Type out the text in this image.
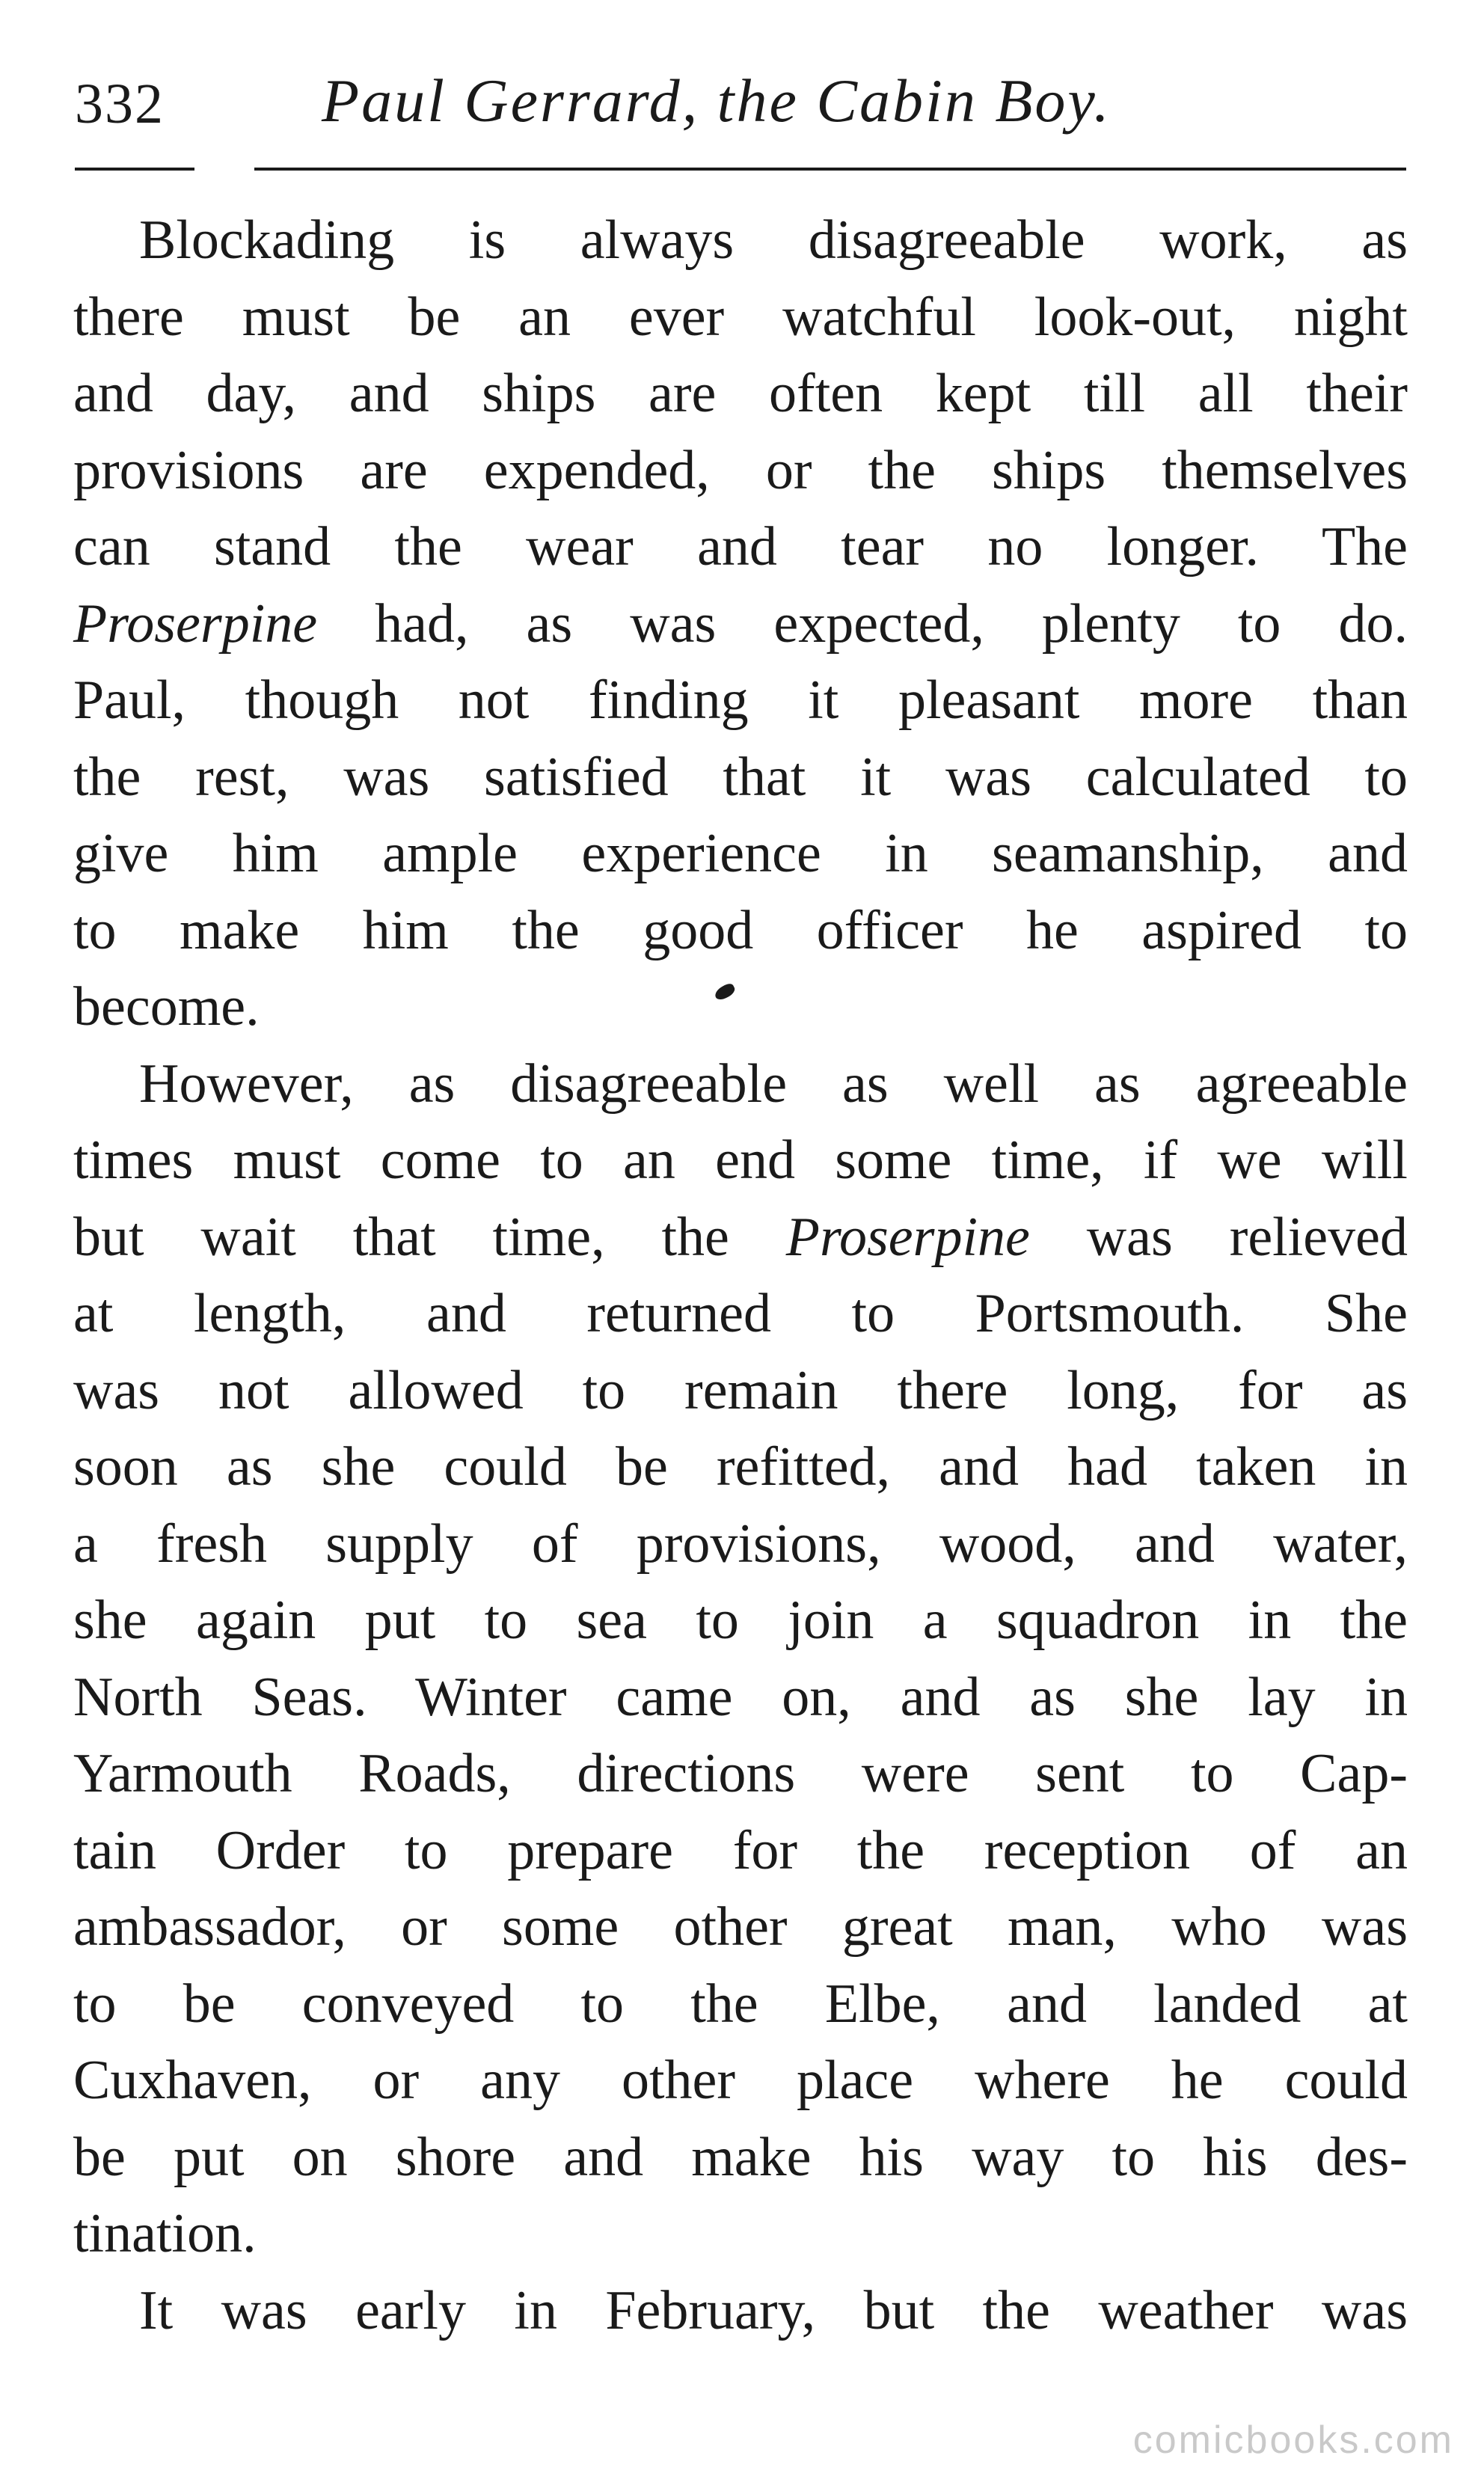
332	Paul Gerrard, the Cabin Boy.
Blockading is always disagreeable work, as
there must be an ever watchful look-out, night
and day, and ships are often kept till all their
provisions are expended, or the ships themselves
can stand the wear and tear no longer. The
Proserpine had, as was expected, plenty to do.
Paul, though not finding it pleasant more than
the rest, was satisfied that it was calculated to
give him ample experience in seamanship, and
to make him the good officer he aspired to
become.
However, as disagreeable as well as agreeable
times must come to an end some time, if we will
but wait that time, the Proserpine was relieved
at length, and returned to Portsmouth. She
was not allowed to remain there long, for as
soon as she could be refitted, and had taken in
a fresh supply of provisions, wood, and water,
she again put to sea to join a squadron in the
North Seas. Winter came on, and as she lay in
Yarmouth Roads, directions were sent to Cap-
tain Order to prepare for the reception of an
ambassador, or some other great man, who was
to be conveyed to the Elbe, and landed at
Cuxhaven, or any other place where he could
be put on shore and make his way to his des-
tination.
It was early in February, but the weather was
comicbooks.com
